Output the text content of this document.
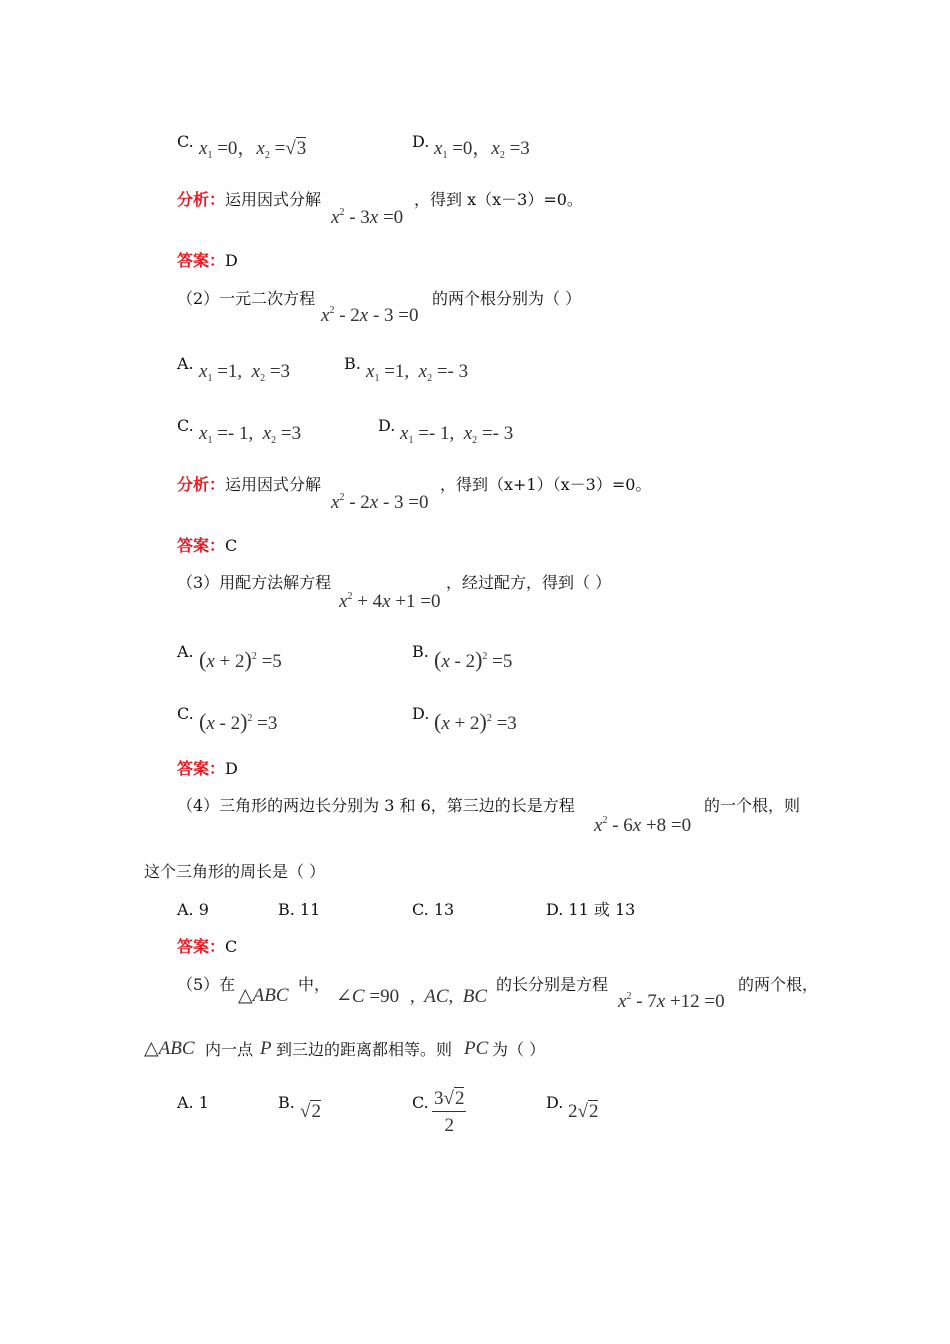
C. $x_1 =0$，$x_2 =√3$	D. $x_1 =0$，$x_2 =3$
分析：运用因式分解
$x^2 - 3x =0$
，得到 x（x－3）=0。
答案：D
（2）一元二次方程
$x^2 - 2x - 3 =0$
的两个根分别为（ ）
A. $x_1 =1$,  $x_2 =3$	B. $x_1 =1$,  $x_2 =- 3$
C. $x_1 =- 1$,  $x_2 =3$	D. $x_1 =- 1$,  $x_2 =- 3$
分析：运用因式分解
$x^2 - 2x - 3 =0$
，得到（x+1）（x－3）=0。
答案：C
（3）用配方法解方程
$x^2 + 4x +1 =0$
，经过配方，得到（ ）
A. $(x + 2)^2 =5$	B. (x - 2)$^2$ =5
C. (x - 2)$^2$ =3	D. $(x + 2)^2 =3$
答案：D
（4）三角形的两边长分别为 3 和 6，第三边的长是方程
$x^2 - 6x +8 =0$
的一个根，则
这个三角形的周长是（ ）
A. 9	B. 11	C. 13	D. 11 或 13
答案：C
（5）在
△ABC
中，
∠C =90 ,  AC,  BC
的长分别是方程
$x^2 - 7x +12 =0$
的两个根，
△ABC 内一点 P 到三边的距离都相等。则 PC 为（ ）
A. 1	B. √2	C. $\frac{3√2}{2}$	D. 2√2
